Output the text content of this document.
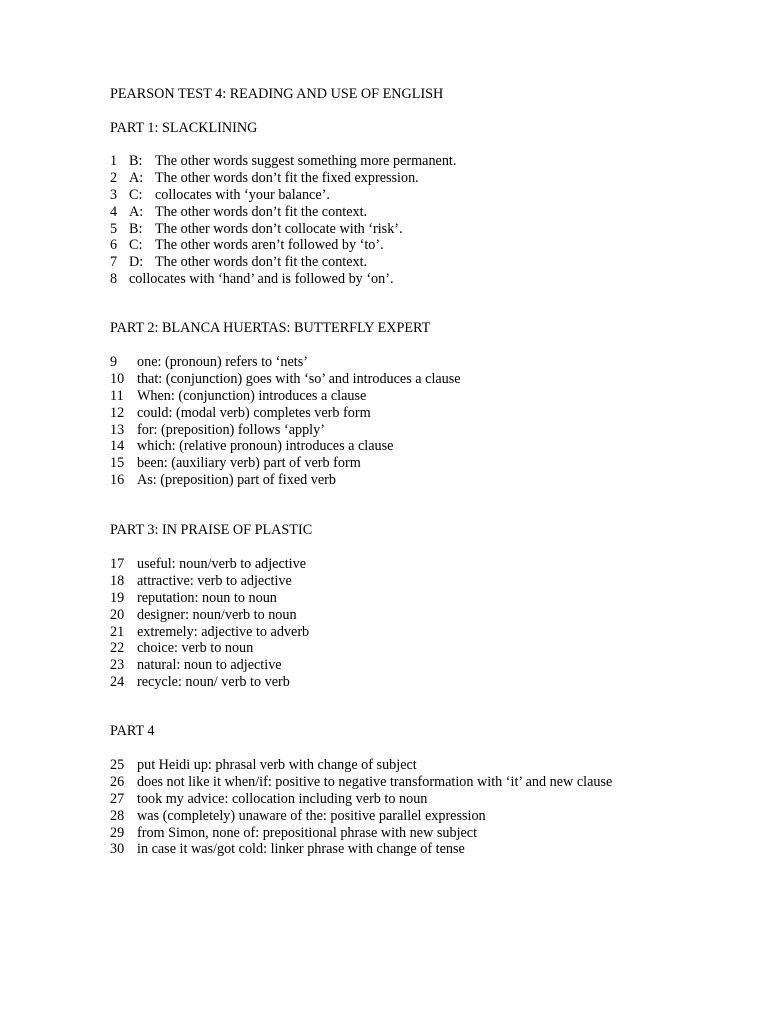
PEARSON TEST 4: READING AND USE OF ENGLISH
PART 1: SLACKLINING
1 B: The other words suggest something more permanent.
2 A: The other words don’t fit the fixed expression.
3 C: collocates with ‘your balance’.
4 A: The other words don’t fit the context.
5 B: The other words don’t collocate with ‘risk’.
6 C: The other words aren’t followed by ‘to’.
7 D: The other words don’t fit the context.
8 collocates with ‘hand’ and is followed by ‘on’.
PART 2: BLANCA HUERTAS: BUTTERFLY EXPERT
9 one: (pronoun) refers to ‘nets’
10 that: (conjunction) goes with ‘so’ and introduces a clause
11 When: (conjunction) introduces a clause
12 could: (modal verb) completes verb form
13 for: (preposition) follows ‘apply’
14 which: (relative pronoun) introduces a clause
15 been: (auxiliary verb) part of verb form
16 As: (preposition) part of fixed verb
PART 3: IN PRAISE OF PLASTIC
17 useful: noun/verb to adjective
18 attractive: verb to adjective
19 reputation: noun to noun
20 designer: noun/verb to noun
21 extremely: adjective to adverb
22 choice: verb to noun
23 natural: noun to adjective
24 recycle: noun/ verb to verb
PART 4
25 put Heidi up: phrasal verb with change of subject
26 does not like it when/if: positive to negative transformation with ‘it’ and new clause
27 took my advice: collocation including verb to noun
28 was (completely) unaware of the: positive parallel expression
29 from Simon, none of: prepositional phrase with new subject
30 in case it was/got cold: linker phrase with change of tense
